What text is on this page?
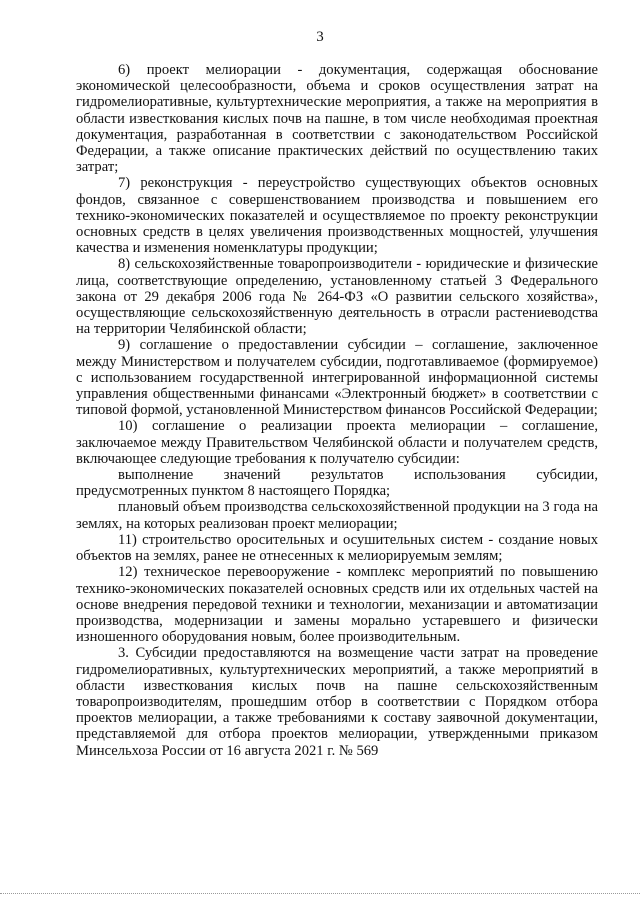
3

6) проект мелиорации - документация, содержащая обоснование экономической целесообразности, объема и сроков осуществления затрат на гидромелиоративные, культуртехнические мероприятия, а также на мероприятия в области известкования кислых почв на пашне, в том числе необходимая проектная документация, разработанная в соответствии с законодательством Российской Федерации, а также описание практических действий по осуществлению таких затрат;

7) реконструкция - переустройство существующих объектов основных фондов, связанное с совершенствованием производства и повышением его технико-экономических показателей и осуществляемое по проекту реконструкции основных средств в целях увеличения производственных мощностей, улучшения качества и изменения номенклатуры продукции;

8) сельскохозяйственные товаропроизводители - юридические и физические лица, соответствующие определению, установленному статьей 3 Федерального закона от 29 декабря 2006 года № 264-ФЗ «О развитии сельского хозяйства», осуществляющие сельскохозяйственную деятельность в отрасли растениеводства на территории Челябинской области;

9) соглашение о предоставлении субсидии – соглашение, заключенное между Министерством и получателем субсидии, подготавливаемое (формируемое) с использованием государственной интегрированной информационной системы управления общественными финансами «Электронный бюджет» в соответствии с типовой формой, установленной Министерством финансов Российской Федерации;

10) соглашение о реализации проекта мелиорации – соглашение, заключаемое между Правительством Челябинской области и получателем средств, включающее следующие требования к получателю субсидии:

выполнение значений результатов использования субсидии, предусмотренных пунктом 8 настоящего Порядка;

плановый объем производства сельскохозяйственной продукции на 3 года на землях, на которых реализован проект мелиорации;

11) строительство оросительных и осушительных систем - создание новых объектов на землях, ранее не отнесенных к мелиорируемым землям;

12) техническое перевооружение - комплекс мероприятий по повышению технико-экономических показателей основных средств или их отдельных частей на основе внедрения передовой техники и технологии, механизации и автоматизации производства, модернизации и замены морально устаревшего и физически изношенного оборудования новым, более производительным.

3. Субсидии предоставляются на возмещение части затрат на проведение гидромелиоративных, культуртехнических мероприятий, а также мероприятий в области известкования кислых почв на пашне сельскохозяйственным товаропроизводителям, прошедшим отбор в соответствии с Порядком отбора проектов мелиорации, а также требованиями к составу заявочной документации, представляемой для отбора проектов мелиорации, утвержденными приказом Минсельхоза России от 16 августа 2021 г. № 569
